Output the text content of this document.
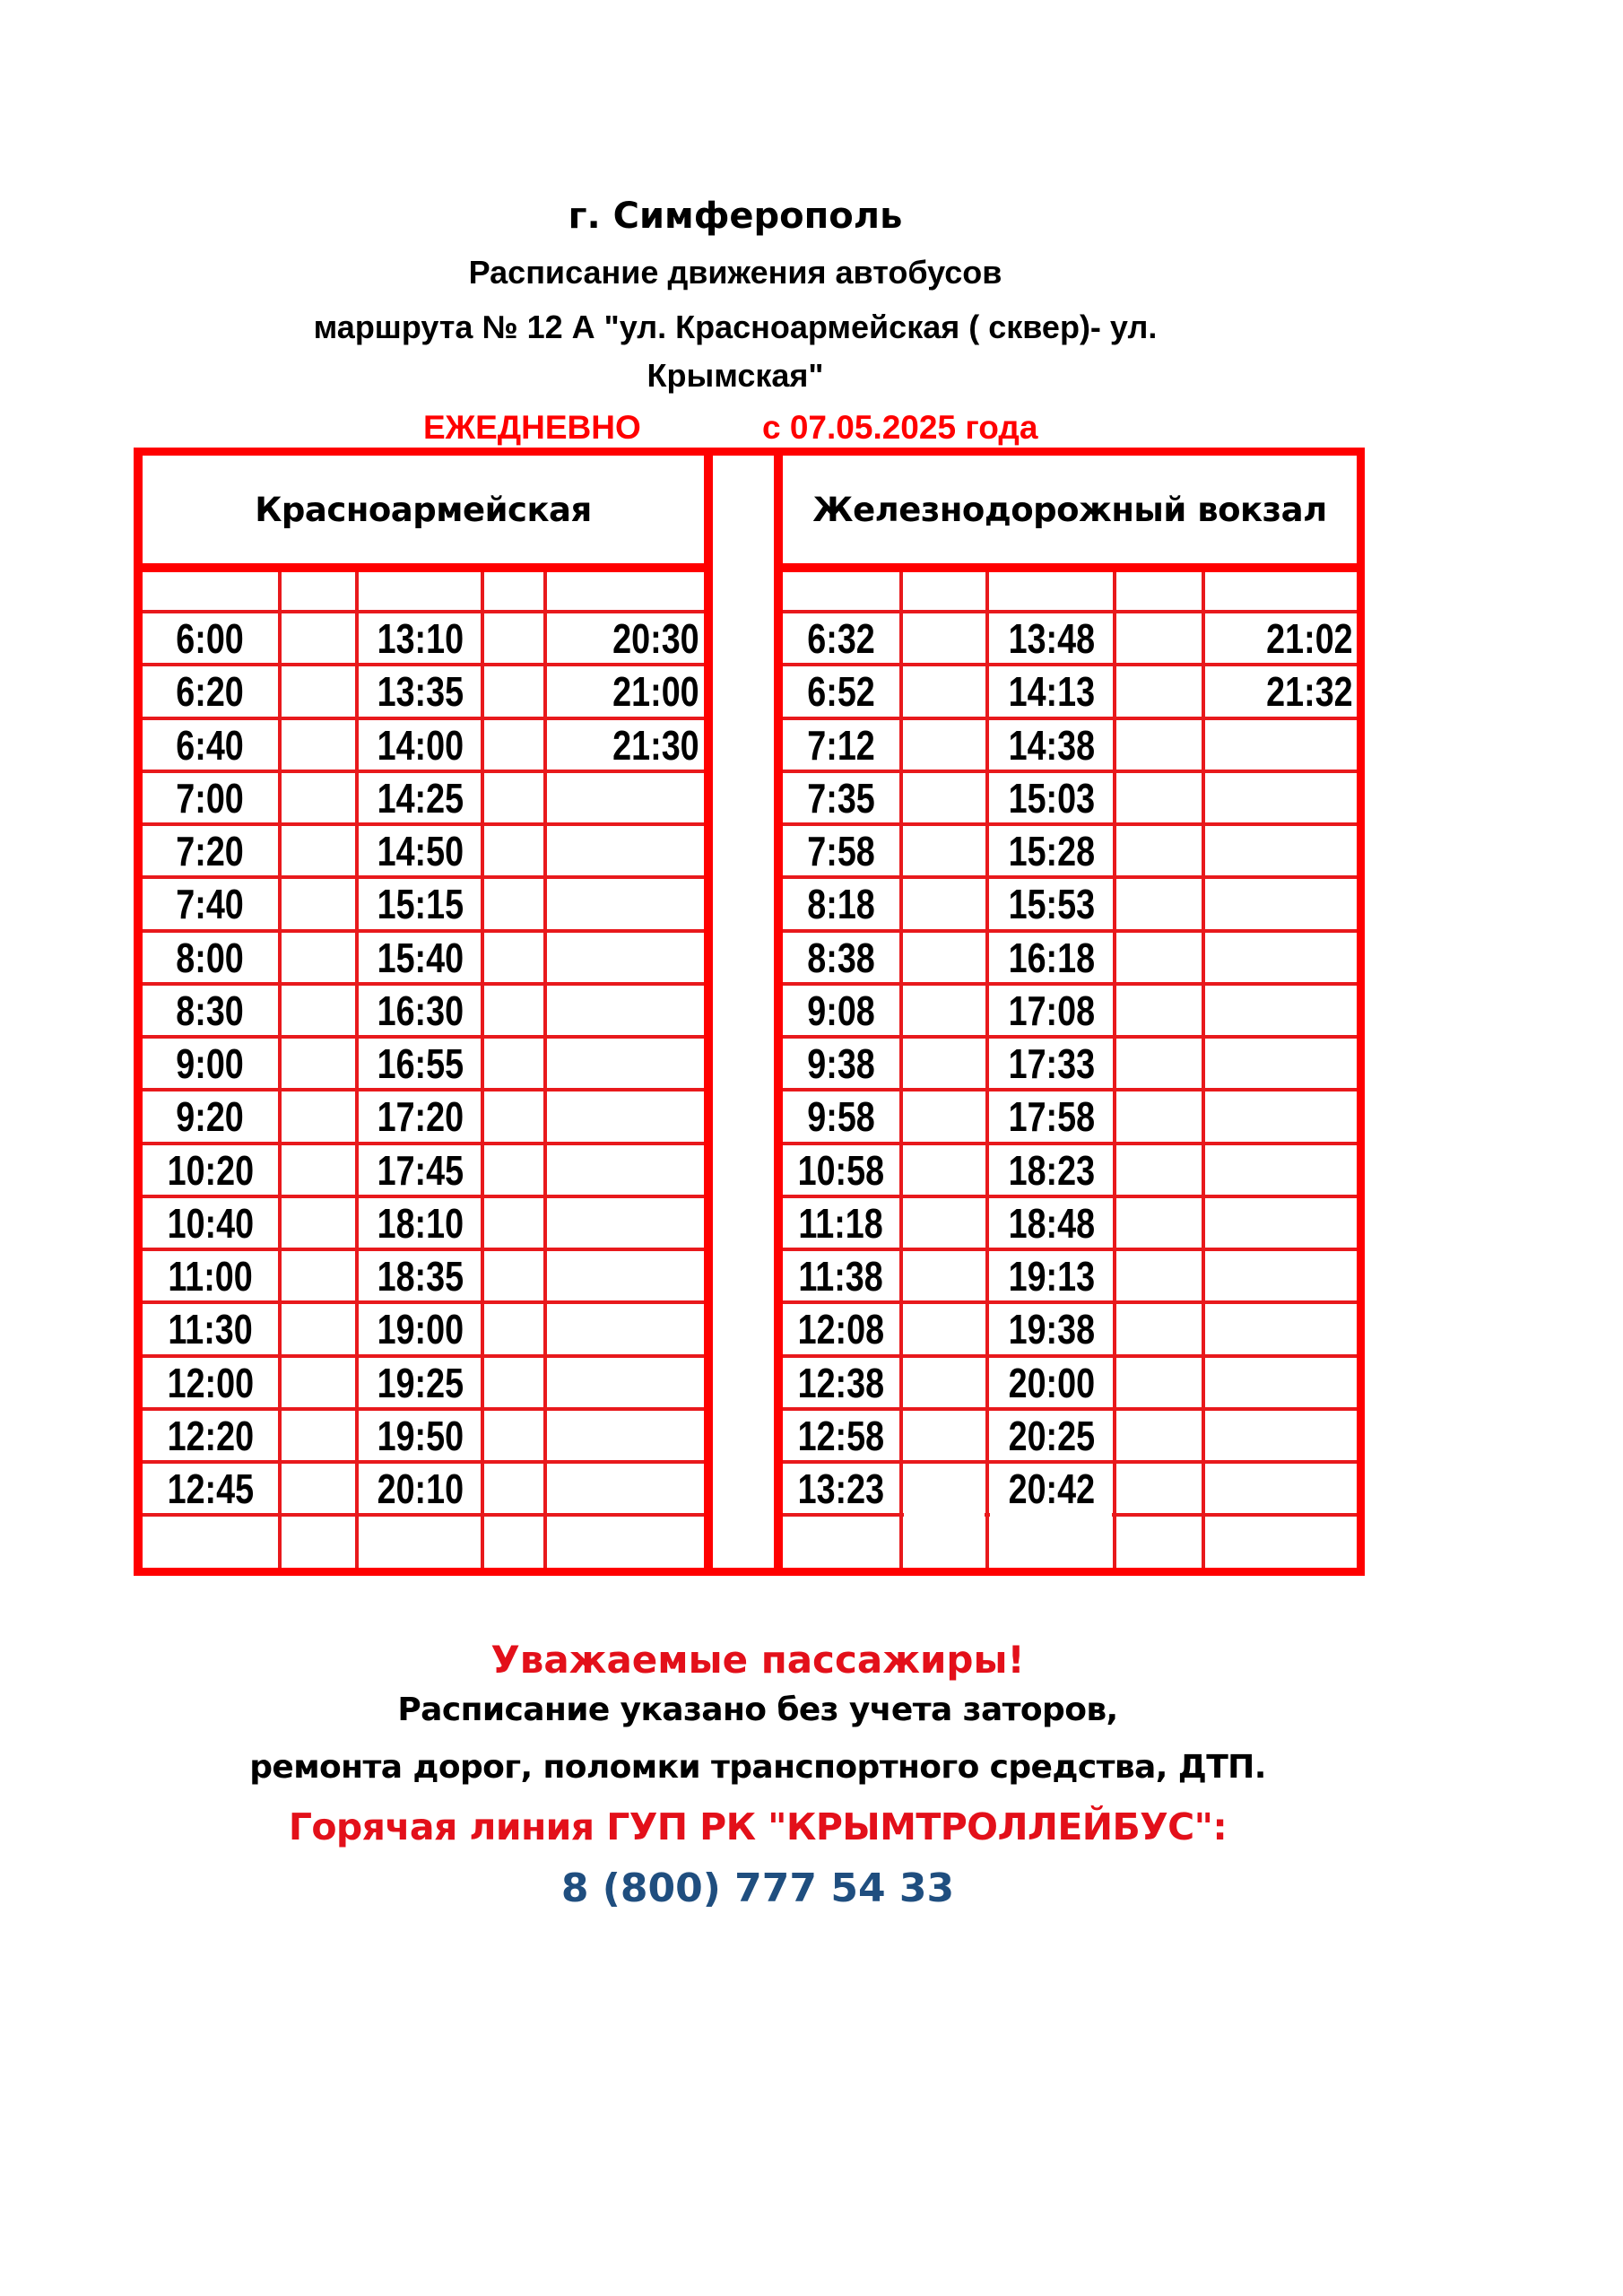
г. Симферополь
Расписание движения автобусов
маршрута № 12 А "ул. Красноармейская ( сквер)- ул.
Крымская"
ЕЖЕДНЕВНО	с 07.05.2025 года
Красноармейская
6:00
6:20
6:40
7:00
7:20
7:40
8:00
8:30
9:00
9:20
10:20
10:40
11:00
11:30
12:00
12:20
12:45
13:10
13:35
14:00
14:25
14:50
15:15
15:40
16:30
16:55
17:20
17:45
18:10
18:35
19:00
19:25
19:50
20:10
20:30
21:00
21:30
Железнодорожный вокзал
6:32
6:52
7:12
7:35
7:58
8:18
8:38
9:08
9:38
9:58
10:58
11:18
11:38
12:08
12:38
12:58
13:23
13:48
14:13
14:38
15:03
15:28
15:53
16:18
17:08
17:33
17:58
18:23
18:48
19:13
19:38
20:00
20:25
20:42
21:02
21:32
Уважаемые пассажиры!
Расписание указано без учета заторов,
ремонта дорог, поломки транспортного средства, ДТП.
Горячая линия ГУП РК "КРЫМТРОЛЛЕЙБУС":
8 (800) 777 54 33
